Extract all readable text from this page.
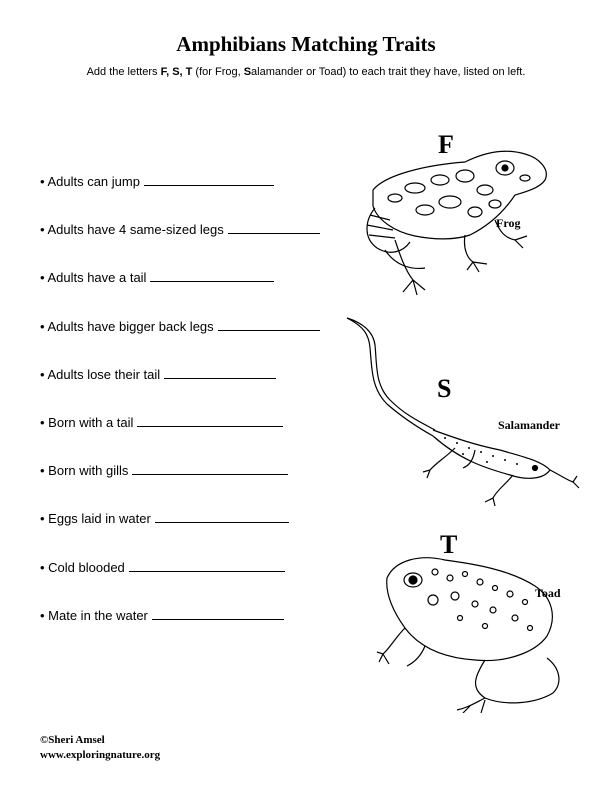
Amphibians Matching Traits
Add the letters F, S, T (for Frog, Salamander or Toad) to each trait they have, listed on left.
• Adults can jump
• Adults have 4 same-sized legs
• Adults have a tail
• Adults have bigger back legs
• Adults lose their tail
• Born with a tail
• Born with gills
• Eggs laid in water
• Cold blooded
• Mate in the water
F
Frog
S
Salamander
T
Toad
©Sheri Amsel
www.exploringnature.org
